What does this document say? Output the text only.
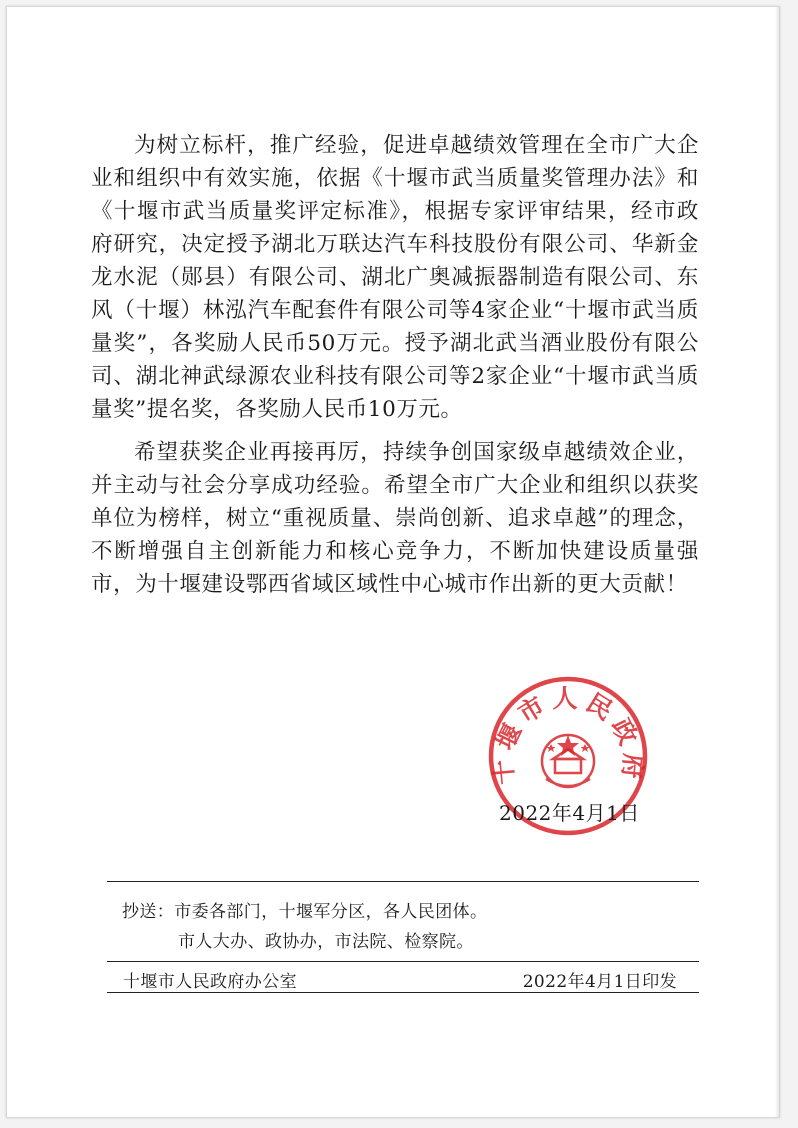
为树立标杆，推广经验，促进卓越绩效管理在全市广大企业和组织中有效实施，依据《十堰市武当质量奖管理办法》和《十堰市武当质量奖评定标准》，根据专家评审结果，经市政府研究，决定授予湖北万联达汽车科技股份有限公司、华新金龙水泥（郧县）有限公司、湖北广奥减振器制造有限公司、东风（十堰）林泓汽车配套件有限公司等4家企业“十堰市武当质量奖”，各奖励人民币50万元。授予湖北武当酒业股份有限公司、湖北神武绿源农业科技有限公司等2家企业“十堰市武当质量奖”提名奖，各奖励人民币10万元。

希望获奖企业再接再厉，持续争创国家级卓越绩效企业，并主动与社会分享成功经验。希望全市广大企业和组织以获奖单位为榜样，树立“重视质量、崇尚创新、追求卓越”的理念，不断增强自主创新能力和核心竞争力，不断加快建设质量强市，为十堰建设鄂西省域区域性中心城市作出新的更大贡献！

十堰市人民政府
2022年4月1日
抄送：市委各部门，十堰军分区，各人民团体。
市人大办、政协办，市法院、检察院。
十堰市人民政府办公室	2022年4月1日印发
